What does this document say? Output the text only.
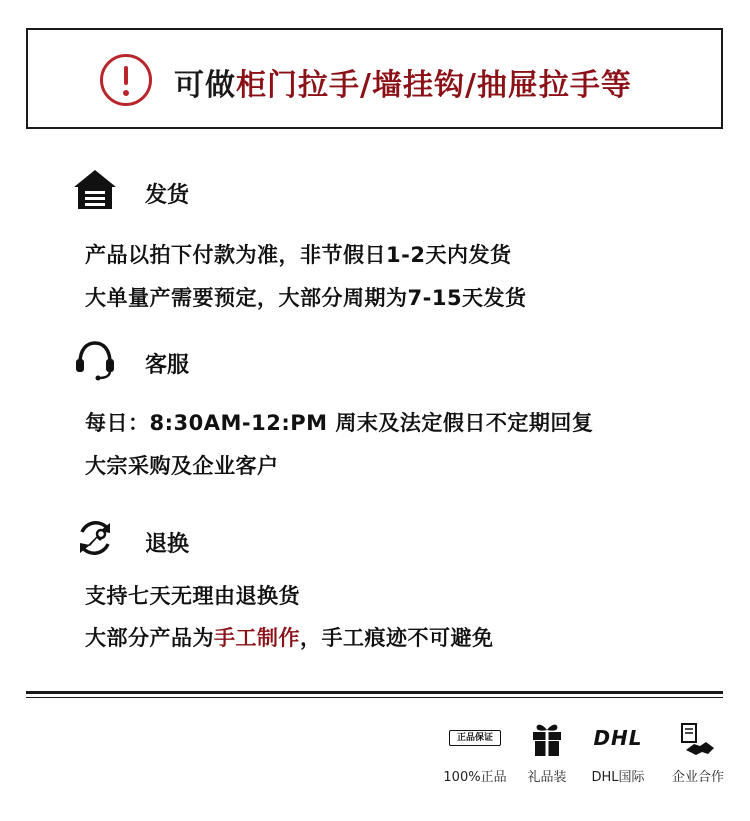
可做柜门拉手/墙挂钩/抽屉拉手等
发货
产品以拍下付款为准，非节假日1-2天内发货
大单量产需要预定，大部分周期为7-15天发货
客服
每日：8:30AM-12:PM 周末及法定假日不定期回复
大宗采购及企业客户
退换
支持七天无理由退换货
大部分产品为手工制作，手工痕迹不可避免
正品保证
100%正品	礼品装
DHL
DHL国际	企业合作
